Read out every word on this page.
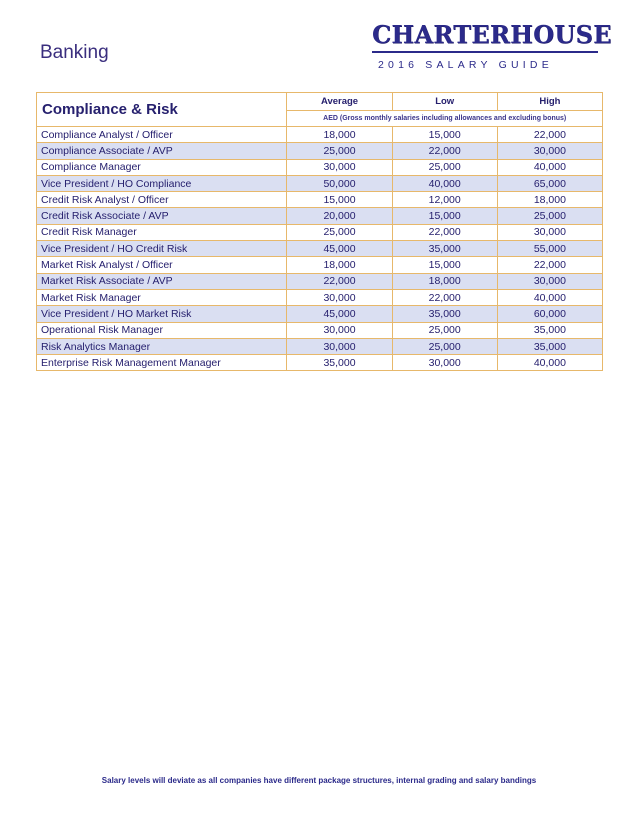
Banking
CHARTERHOUSE
2016 SALARY GUIDE
Compliance & Risk	Average	Low	High
	AED (Gross monthly salaries including allowances and excluding bonus)		
Compliance Analyst / Officer	18,000	15,000	22,000
Compliance Associate / AVP	25,000	22,000	30,000
Compliance Manager	30,000	25,000	40,000
Vice President / HO Compliance	50,000	40,000	65,000
Credit Risk Analyst / Officer	15,000	12,000	18,000
Credit Risk Associate / AVP	20,000	15,000	25,000
Credit Risk Manager	25,000	22,000	30,000
Vice President / HO Credit Risk	45,000	35,000	55,000
Market Risk Analyst / Officer	18,000	15,000	22,000
Market Risk Associate / AVP	22,000	18,000	30,000
Market Risk Manager	30,000	22,000	40,000
Vice President / HO Market Risk	45,000	35,000	60,000
Operational Risk Manager	30,000	25,000	35,000
Risk Analytics Manager	30,000	25,000	35,000
Enterprise Risk Management Manager	35,000	30,000	40,000
Salary levels will deviate as all companies have different package structures, internal grading and salary bandings
